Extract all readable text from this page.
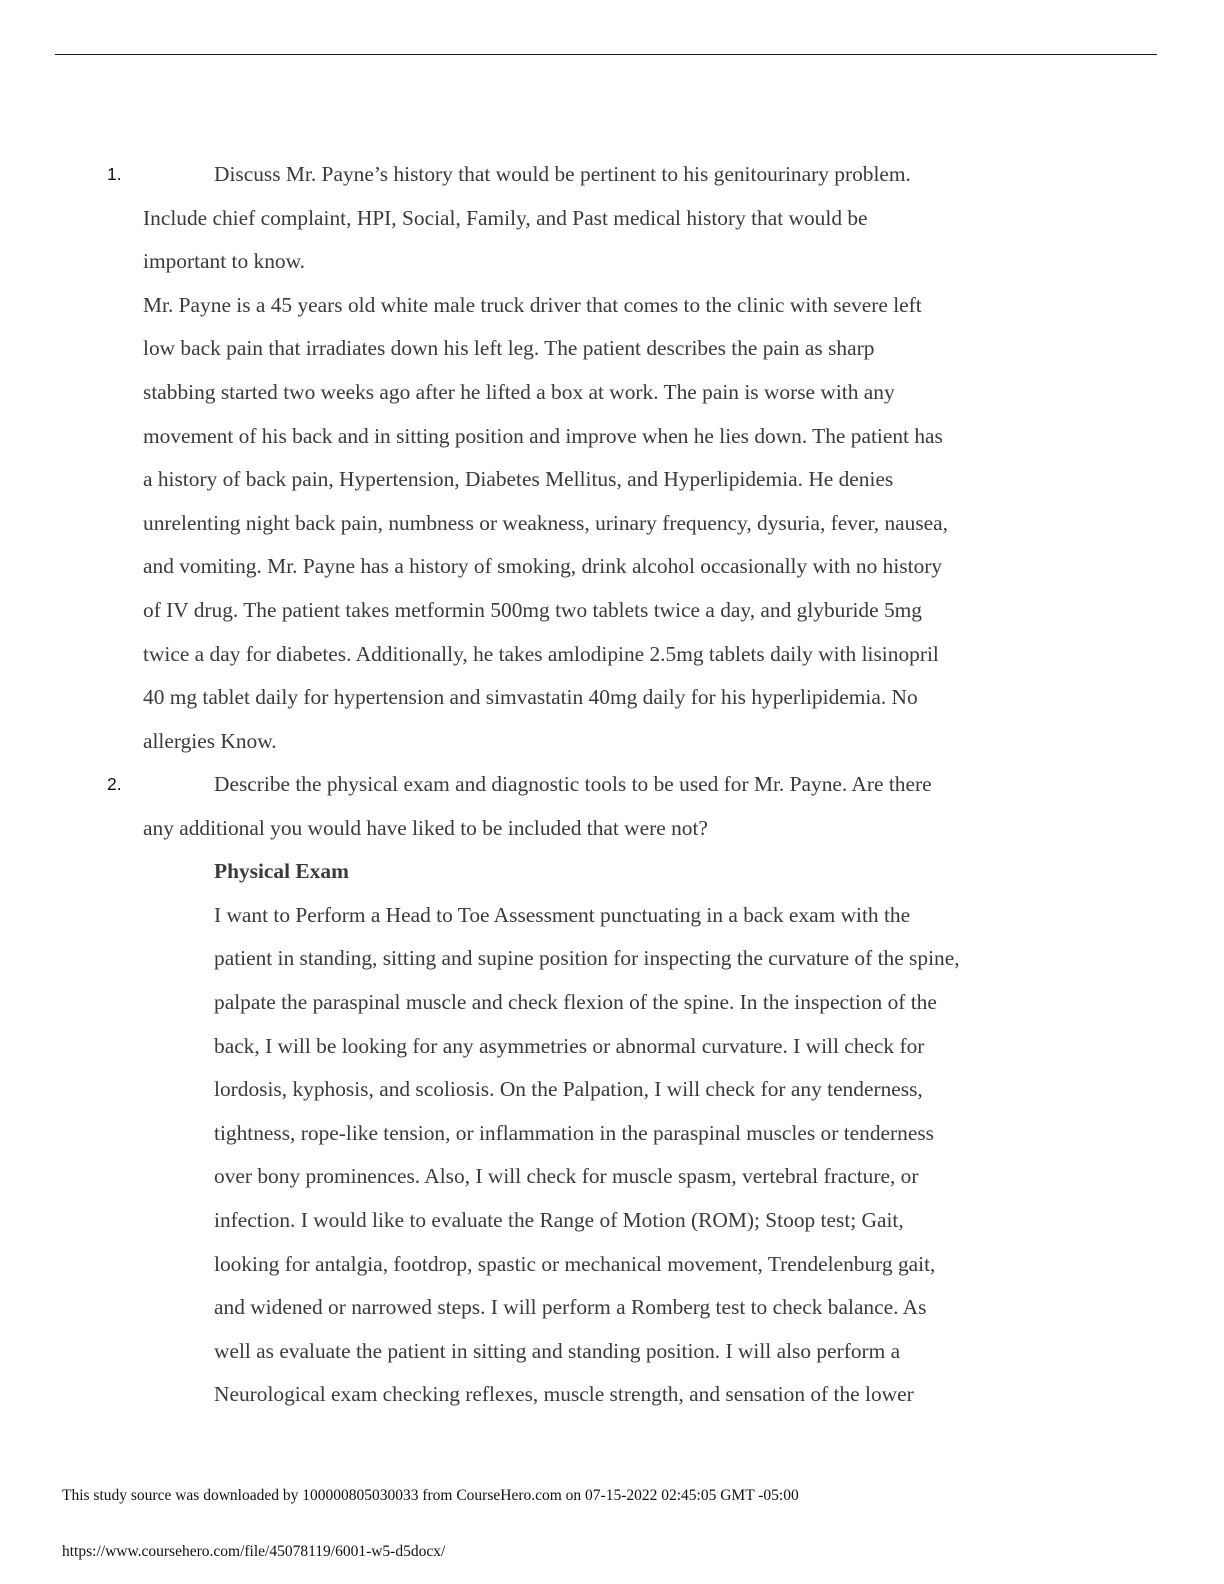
1.
2.
Discuss Mr. Payne’s history that would be pertinent to his genitourinary problem.
Include chief complaint, HPI, Social, Family, and Past medical history that would be
important to know.
Mr. Payne is a 45 years old white male truck driver that comes to the clinic with severe left
low back pain that irradiates down his left leg. The patient describes the pain as sharp
stabbing started two weeks ago after he lifted a box at work. The pain is worse with any
movement of his back and in sitting position and improve when he lies down. The patient has
a history of back pain, Hypertension, Diabetes Mellitus, and Hyperlipidemia. He denies
unrelenting night back pain, numbness or weakness, urinary frequency, dysuria, fever, nausea,
and vomiting. Mr. Payne has a history of smoking, drink alcohol occasionally with no history
of IV drug. The patient takes metformin 500mg two tablets twice a day, and glyburide 5mg
twice a day for diabetes. Additionally, he takes amlodipine 2.5mg tablets daily with lisinopril
40 mg tablet daily for hypertension and simvastatin 40mg daily for his hyperlipidemia. No
allergies Know.
Describe the physical exam and diagnostic tools to be used for Mr. Payne. Are there
any additional you would have liked to be included that were not?
Physical Exam
I want to Perform a Head to Toe Assessment punctuating in a back exam with the
patient in standing, sitting and supine position for inspecting the curvature of the spine,
palpate the paraspinal muscle and check flexion of the spine. In the inspection of the
back, I will be looking for any asymmetries or abnormal curvature. I will check for
lordosis, kyphosis, and scoliosis. On the Palpation, I will check for any tenderness,
tightness, rope-like tension, or inflammation in the paraspinal muscles or tenderness
over bony prominences. Also, I will check for muscle spasm, vertebral fracture, or
infection. I would like to evaluate the Range of Motion (ROM); Stoop test; Gait,
looking for antalgia, footdrop, spastic or mechanical movement, Trendelenburg gait,
and widened or narrowed steps. I will perform a Romberg test to check balance. As
well as evaluate the patient in sitting and standing position. I will also perform a
Neurological exam checking reflexes, muscle strength, and sensation of the lower
This study source was downloaded by 100000805030033 from CourseHero.com on 07-15-2022 02:45:05 GMT -05:00
https://www.coursehero.com/file/45078119/6001-w5-d5docx/
